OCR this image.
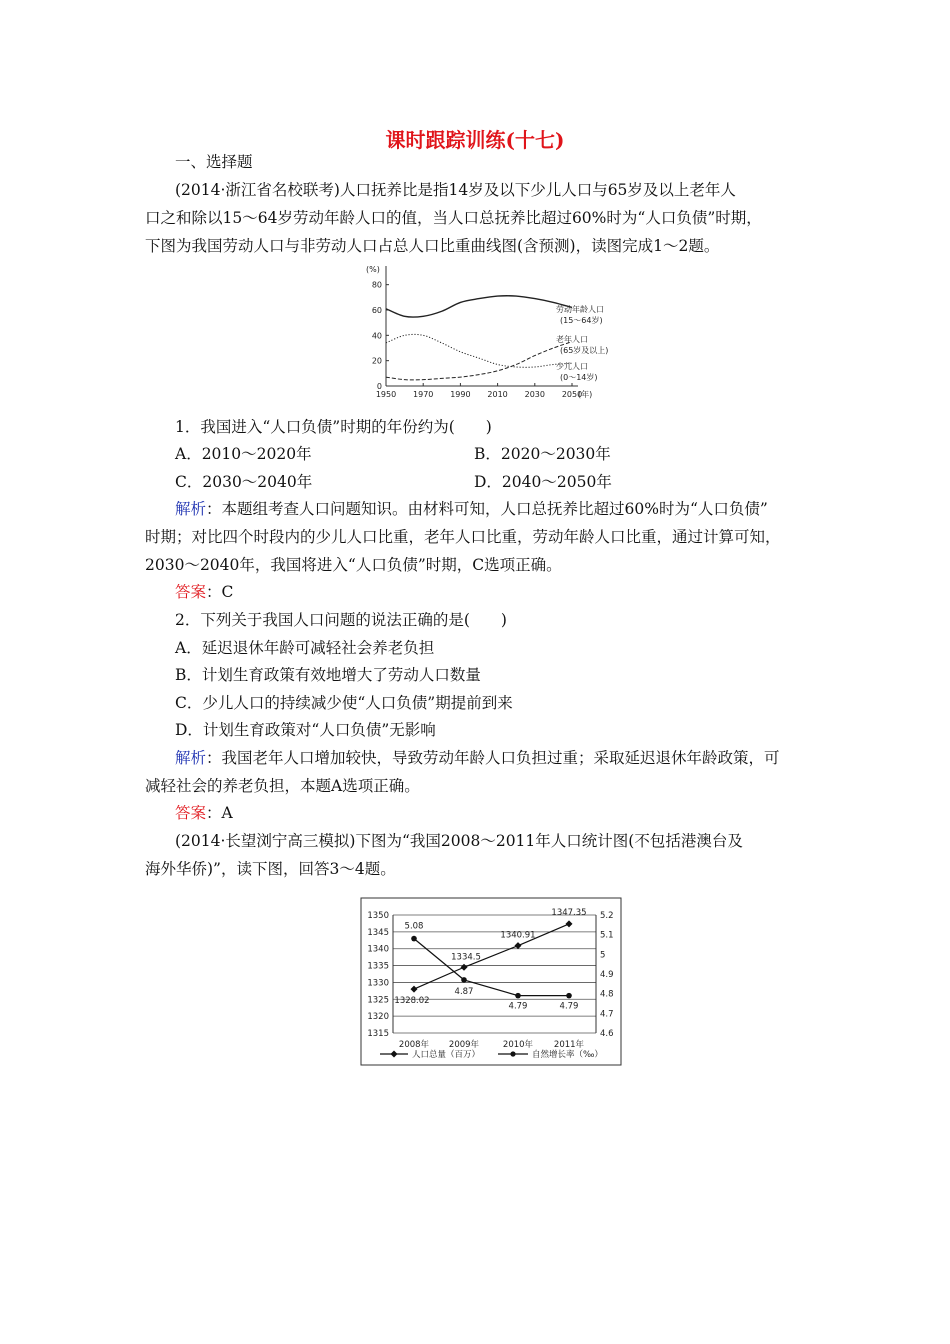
课时跟踪训练(十七)
一、选择题
(2014·浙江省名校联考)人口抚养比是指14岁及以下少儿人口与65岁及以上老年人
口之和除以15～64岁劳动年龄人口的值，当人口总抚养比超过60%时为“人口负债”时期，
下图为我国劳动人口与非劳动人口占总人口比重曲线图(含预测)，读图完成1～2题。
(%)
0
20
40
60
80
1950 1970 1990 2010 2030 2050
(年)
劳动年龄人口
(15～64岁)
老年人口
(65岁及以上)
少儿人口
(0～14岁)
1．我国进入“人口负债”时期的年份约为(　　)
A．2010～2020年	B．2020～2030年
C．2030～2040年	D．2040～2050年
解析：本题组考查人口问题知识。由材料可知，人口总抚养比超过60%时为“人口负债”
时期；对比四个时段内的少儿人口比重，老年人口比重，劳动年龄人口比重，通过计算可知，
2030～2040年，我国将进入“人口负债”时期，C选项正确。
答案：C
2．下列关于我国人口问题的说法正确的是(　　)
A．延迟退休年龄可减轻社会养老负担
B．计划生育政策有效地增大了劳动人口数量
C．少儿人口的持续减少使“人口负债”期提前到来
D．计划生育政策对“人口负债”无影响
解析：我国老年人口增加较快，导致劳动年龄人口负担过重；采取延迟退休年龄政策，可
减轻社会的养老负担，本题A选项正确。
答案：A
(2014·长望浏宁高三模拟)下图为“我国2008～2011年人口统计图(不包括港澳台及
海外华侨)”，读下图，回答3～4题。
1315
1320
1325
1330
1335
1340
1345
1350
4.6
4.7
4.8
4.9
5
5.1
5.2
2008年 2009年	2010年 2011年
1328.02
1334.5
1340.91
1347.35
5.08
4.87
4.79	4.79
人口总量（百万）	自然增长率（‰）
